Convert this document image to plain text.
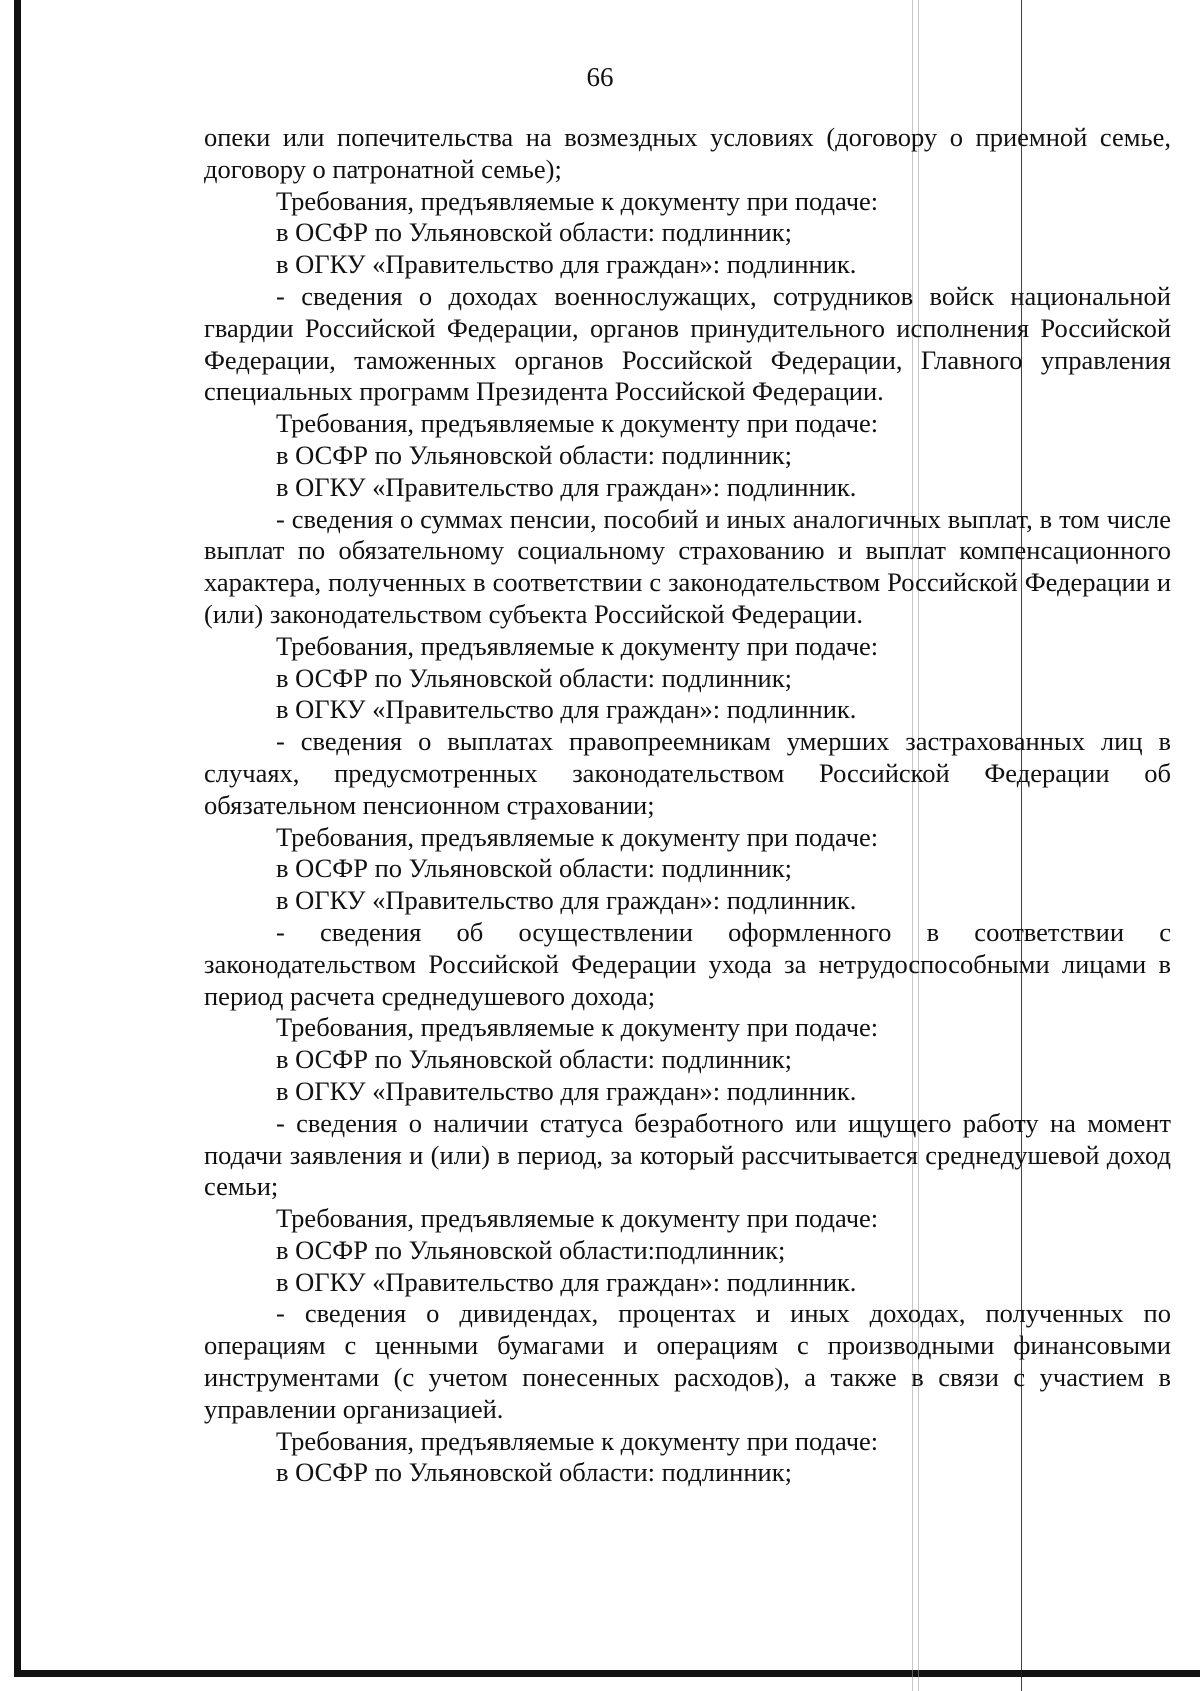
66

опеки или попечительства на возмездных условиях (договору о приемной семье, договору о патронатной семье);

Требования, предъявляемые к документу при подаче:

в ОСФР по Ульяновской области: подлинник;

в ОГКУ «Правительство для граждан»: подлинник.

- сведения о доходах военнослужащих, сотрудников войск национальной гвардии Российской Федерации, органов принудительного исполнения Российской Федерации, таможенных органов Российской Федерации, Главного управления специальных программ Президента Российской Федерации.

Требования, предъявляемые к документу при подаче:

в ОСФР по Ульяновской области: подлинник;

в ОГКУ «Правительство для граждан»: подлинник.

- сведения о суммах пенсии, пособий и иных аналогичных выплат, в том числе выплат по обязательному социальному страхованию и выплат компенсационного характера, полученных в соответствии с законодательством Российской Федерации и (или) законодательством субъекта Российской Федерации.

Требования, предъявляемые к документу при подаче:

в ОСФР по Ульяновской области: подлинник;

в ОГКУ «Правительство для граждан»: подлинник.

- сведения о выплатах правопреемникам умерших застрахованных лиц в случаях, предусмотренных законодательством Российской Федерации об обязательном пенсионном страховании;

Требования, предъявляемые к документу при подаче:

в ОСФР по Ульяновской области: подлинник;

в ОГКУ «Правительство для граждан»: подлинник.

- сведения об осуществлении оформленного в соответствии с законодательством Российской Федерации ухода за нетрудоспособными лицами в период расчета среднедушевого дохода;

Требования, предъявляемые к документу при подаче:

в ОСФР по Ульяновской области: подлинник;

в ОГКУ «Правительство для граждан»: подлинник.

- сведения о наличии статуса безработного или ищущего работу на момент подачи заявления и (или) в период, за который рассчитывается среднедушевой доход семьи;

Требования, предъявляемые к документу при подаче:

в ОСФР по Ульяновской области:подлинник;

в ОГКУ «Правительство для граждан»: подлинник.

- сведения о дивидендах, процентах и иных доходах, полученных по операциям с ценными бумагами и операциям с производными финансовыми инструментами (с учетом понесенных расходов), а также в связи с участием в управлении организацией.

Требования, предъявляемые к документу при подаче:

в ОСФР по Ульяновской области: подлинник;
